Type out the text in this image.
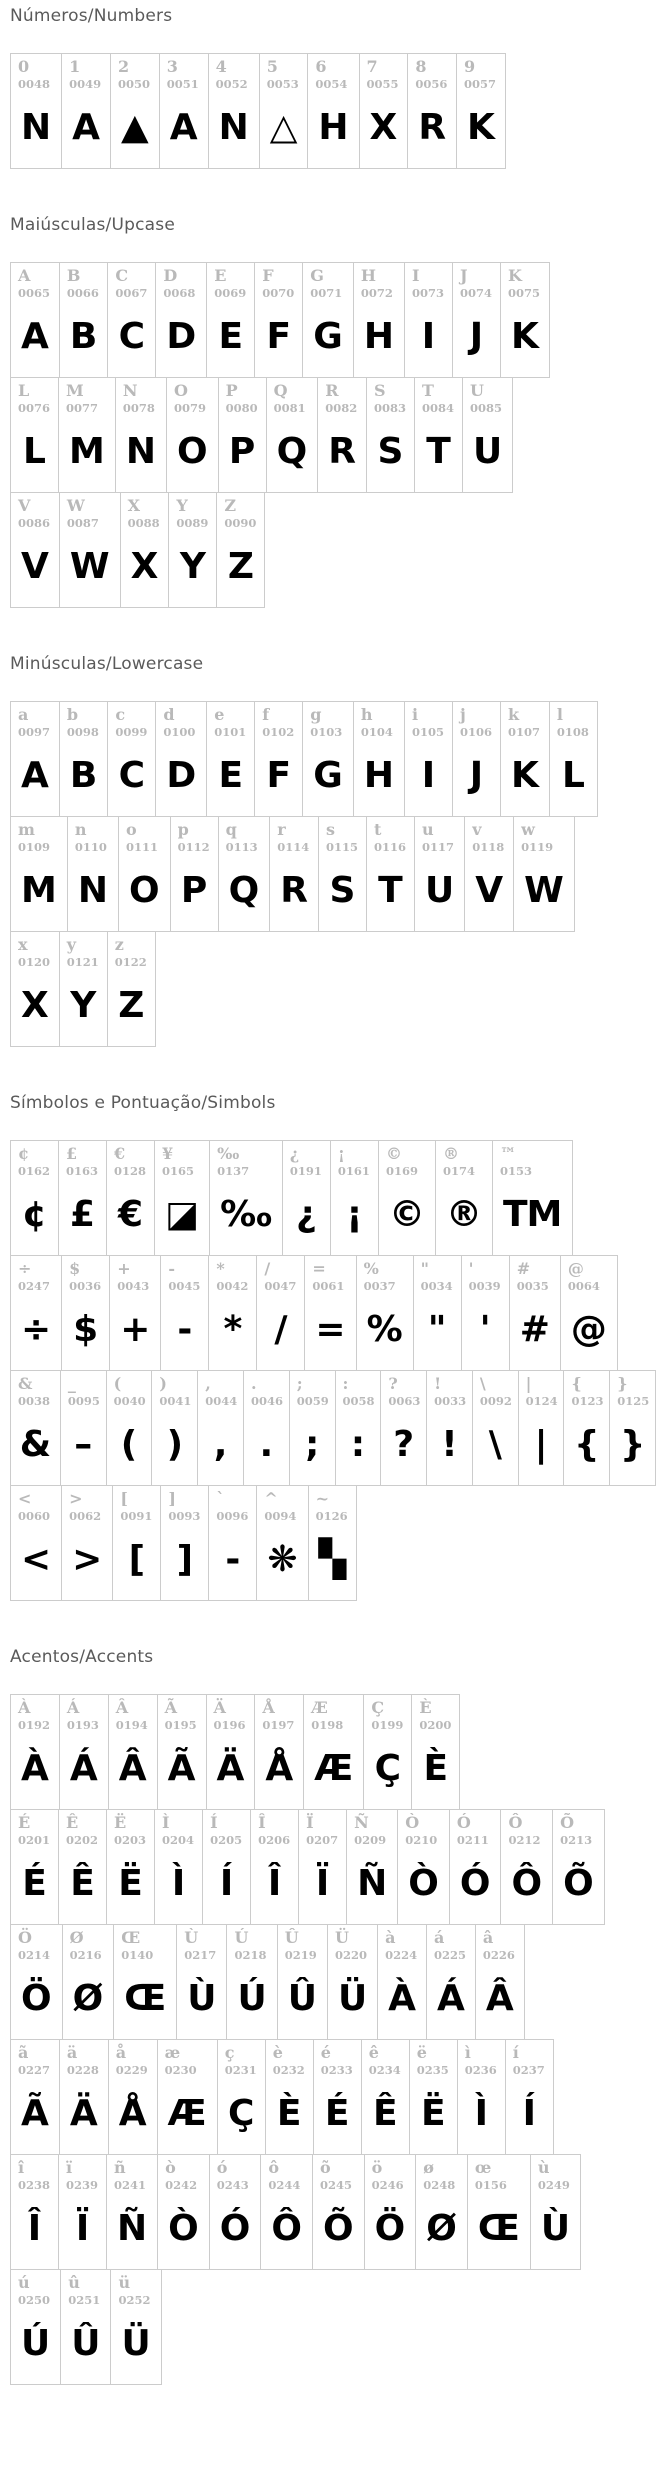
Números/Numbers
0
0048
N
1
0049
A
2
0050
▲
3
0051
A
4
0052
N
5
0053
△
6
0054
H
7
0055
X
8
0056
R
9
0057
K
Maiúsculas/Upcase
A
0065
A
B
0066
B
C
0067
C
D
0068
D
E
0069
E
F
0070
F
G
0071
G
H
0072
H
I
0073
I
J
0074
J
K
0075
K
L
0076
L
M
0077
M
N
0078
N
O
0079
O
P
0080
P
Q
0081
Q
R
0082
R
S
0083
S
T
0084
T
U
0085
U
V
0086
V
W
0087
W
X
0088
X
Y
0089
Y
Z
0090
Z
Minúsculas/Lowercase
a
0097
A
b
0098
B
c
0099
C
d
0100
D
e
0101
E
f
0102
F
g
0103
G
h
0104
H
i
0105
I
j
0106
J
k
0107
K
l
0108
L
m
0109
M
n
0110
N
o
0111
O
p
0112
P
q
0113
Q
r
0114
R
s
0115
S
t
0116
T
u
0117
U
v
0118
V
w
0119
W
x
0120
X
y
0121
Y
z
0122
Z
Símbolos e Pontuação/Simbols
¢
0162
¢
£
0163
£
€
0128
€
¥
0165
◪
‰
0137
‰
¿
0191
¿
¡
0161
¡
©
0169
©
®
0174
®
™
0153
TM
÷
0247
÷
$
0036
$
+
0043
+
-
0045
-
*
0042
*
/
0047
/
=
0061
=
%
0037
%
"
0034
"
'
0039
'
#
0035
#
@
0064
@
&
0038
&
_
0095
–
(
0040
(
)
0041
)
,
0044
,
.
0046
.
;
0059
;
:
0058
:
?
0063
?
!
0033
!
\
0092
\
|
0124
|
{
0123
{
}
0125
}
<
0060
<
>
0062
>
[
0091
[
]
0093
]
`
0096
‐
^
0094
❋
~
0126
▚
Acentos/Accents
À
0192
À
Á
0193
Á
Â
0194
Â
Ã
0195
Ã
Ä
0196
Ä
Å
0197
Å
Æ
0198
Æ
Ç
0199
Ç
È
0200
È
É
0201
É
Ê
0202
Ê
Ë
0203
Ë
Ì
0204
Ì
Í
0205
Í
Î
0206
Î
Ï
0207
Ï
Ñ
0209
Ñ
Ò
0210
Ò
Ó
0211
Ó
Ô
0212
Ô
Õ
0213
Õ
Ö
0214
Ö
Ø
0216
Ø
Œ
0140
Œ
Ù
0217
Ù
Ú
0218
Ú
Û
0219
Û
Ü
0220
Ü
à
0224
À
á
0225
Á
â
0226
Â
ã
0227
Ã
ä
0228
Ä
å
0229
Å
æ
0230
Æ
ç
0231
Ç
è
0232
È
é
0233
É
ê
0234
Ê
ë
0235
Ë
ì
0236
Ì
í
0237
Í
î
0238
Î
ï
0239
Ï
ñ
0241
Ñ
ò
0242
Ò
ó
0243
Ó
ô
0244
Ô
õ
0245
Õ
ö
0246
Ö
ø
0248
Ø
œ
0156
Œ
ù
0249
Ù
ú
0250
Ú
û
0251
Û
ü
0252
Ü
